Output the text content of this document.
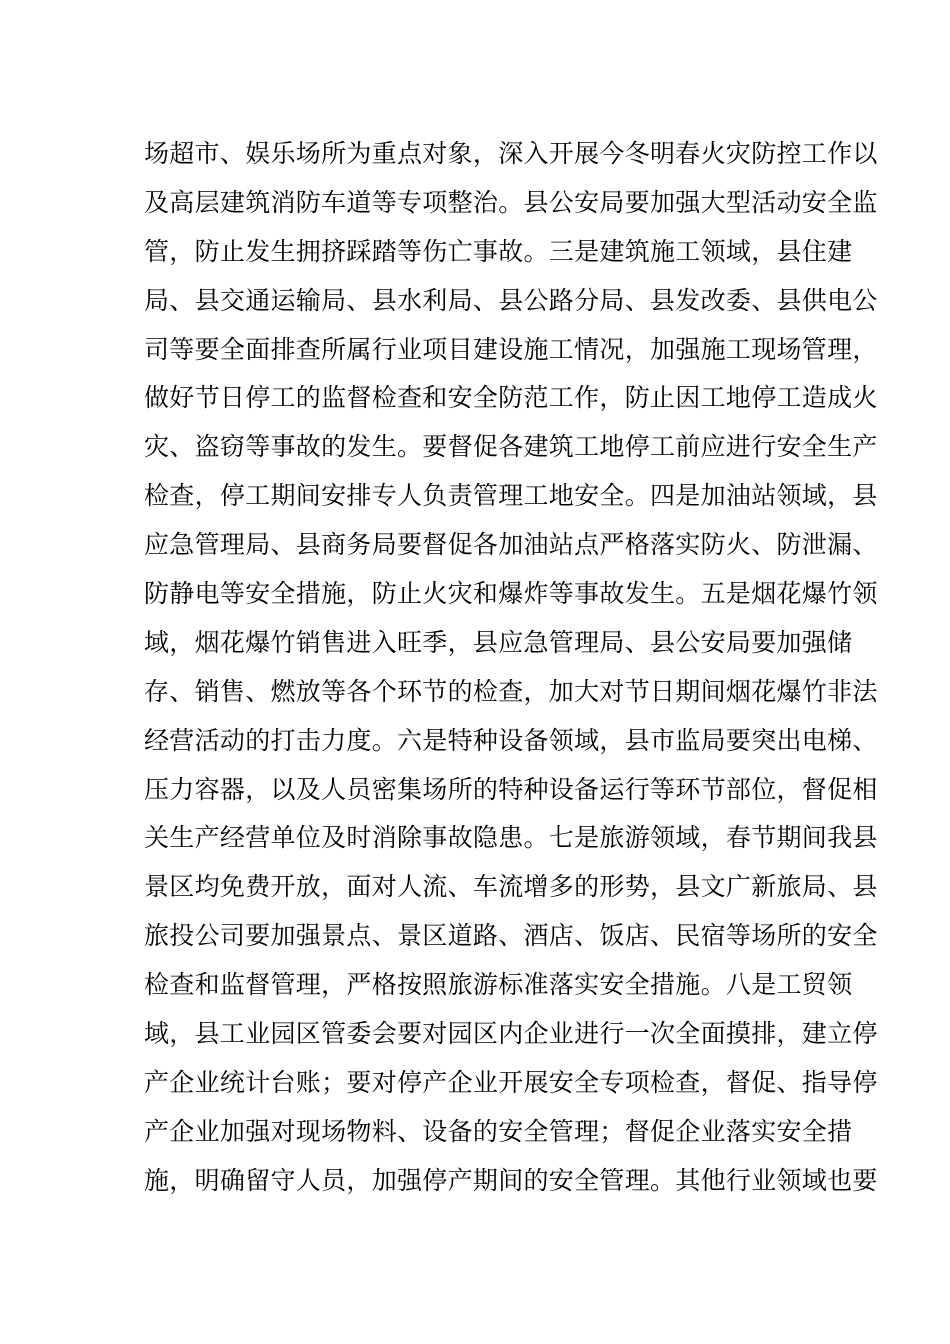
场超市、娱乐场所为重点对象，深入开展今冬明春火灾防控工作以
及高层建筑消防车道等专项整治。县公安局要加强大型活动安全监
管，防止发生拥挤踩踏等伤亡事故。三是建筑施工领域，县住建
局、县交通运输局、县水利局、县公路分局、县发改委、县供电公
司等要全面排查所属行业项目建设施工情况，加强施工现场管理，
做好节日停工的监督检查和安全防范工作，防止因工地停工造成火
灾、盗窃等事故的发生。要督促各建筑工地停工前应进行安全生产
检查，停工期间安排专人负责管理工地安全。四是加油站领域，县
应急管理局、县商务局要督促各加油站点严格落实防火、防泄漏、
防静电等安全措施，防止火灾和爆炸等事故发生。五是烟花爆竹领
域，烟花爆竹销售进入旺季，县应急管理局、县公安局要加强储
存、销售、燃放等各个环节的检查，加大对节日期间烟花爆竹非法
经营活动的打击力度。六是特种设备领域，县市监局要突出电梯、
压力容器，以及人员密集场所的特种设备运行等环节部位，督促相
关生产经营单位及时消除事故隐患。七是旅游领域，春节期间我县
景区均免费开放，面对人流、车流增多的形势，县文广新旅局、县
旅投公司要加强景点、景区道路、酒店、饭店、民宿等场所的安全
检查和监督管理，严格按照旅游标准落实安全措施。八是工贸领
域，县工业园区管委会要对园区内企业进行一次全面摸排，建立停
产企业统计台账；要对停产企业开展安全专项检查，督促、指导停
产企业加强对现场物料、设备的安全管理；督促企业落实安全措
施，明确留守人员，加强停产期间的安全管理。其他行业领域也要
